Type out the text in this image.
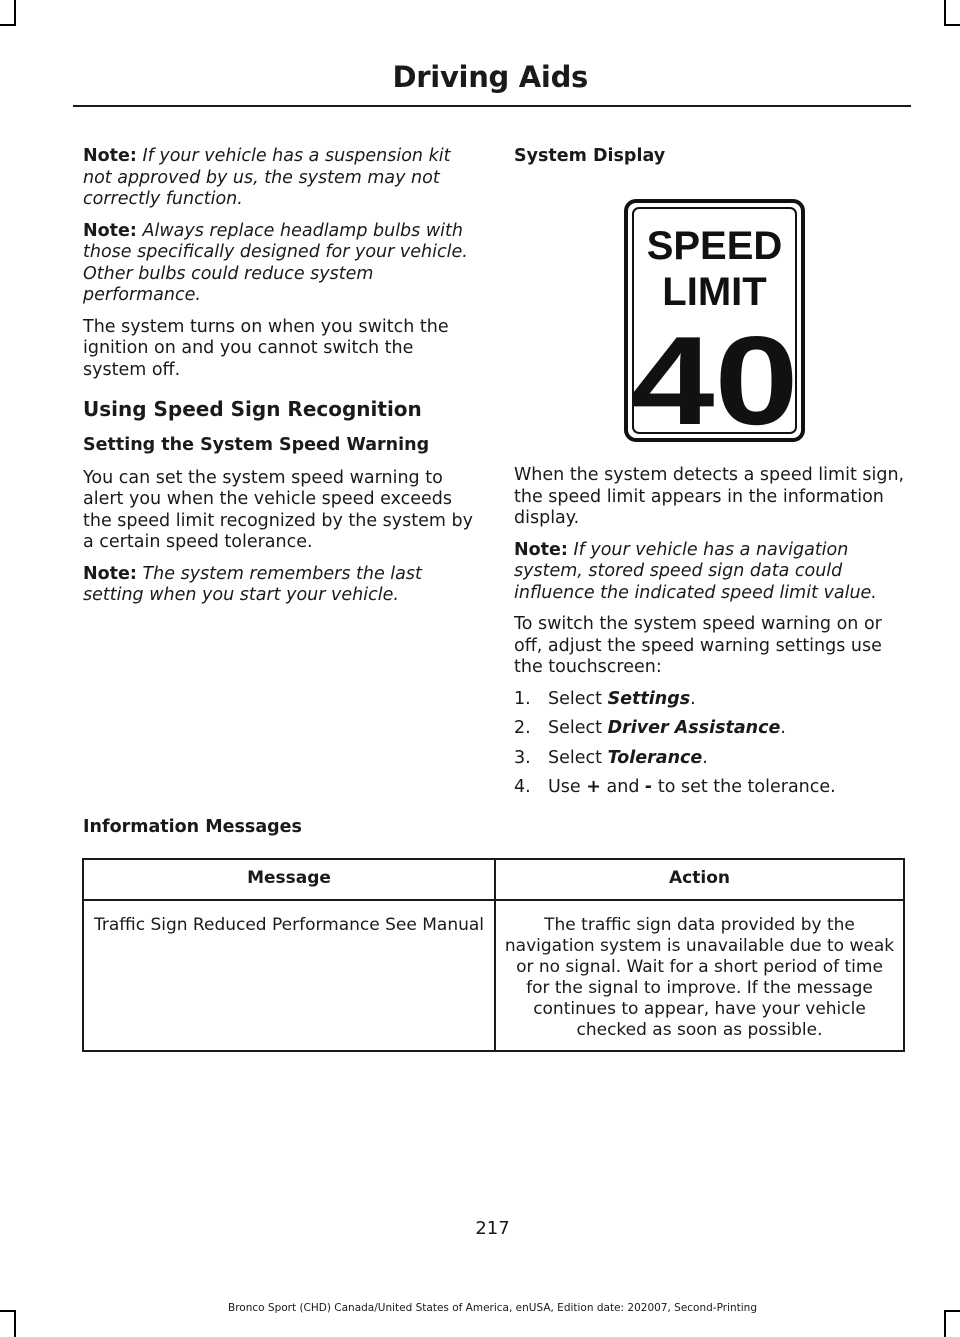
Driving Aids

Note: If your vehicle has a suspension kit not approved by us, the system may not correctly function.

Note: Always replace headlamp bulbs with those specifically designed for your vehicle. Other bulbs could reduce system performance.

The system turns on when you switch the ignition on and you cannot switch the system off.

Using Speed Sign Recognition
Setting the System Speed Warning

You can set the system speed warning to alert you when the vehicle speed exceeds the speed limit recognized by the system by a certain speed tolerance.

Note: The system remembers the last setting when you start your vehicle.

System Display

SPEED
LIMIT
40

When the system detects a speed limit sign, the speed limit appears in the information display.

Note: If your vehicle has a navigation system, stored speed sign data could influence the indicated speed limit value.

To switch the system speed warning on or off, adjust the speed warning settings use the touchscreen:

1. Select Settings.
2. Select Driver Assistance.
3. Select Tolerance.
4. Use + and - to set the tolerance.

Information Messages

Message	Action
Traffic Sign Reduced Performance See Manual	The traffic sign data provided by the navigation system is unavailable due to weak or no signal. Wait for a short period of time for the signal to improve. If the message continues to appear, have your vehicle checked as soon as possible.
217
Bronco Sport (CHD) Canada/United States of America, enUSA, Edition date: 202007, Second-Printing
